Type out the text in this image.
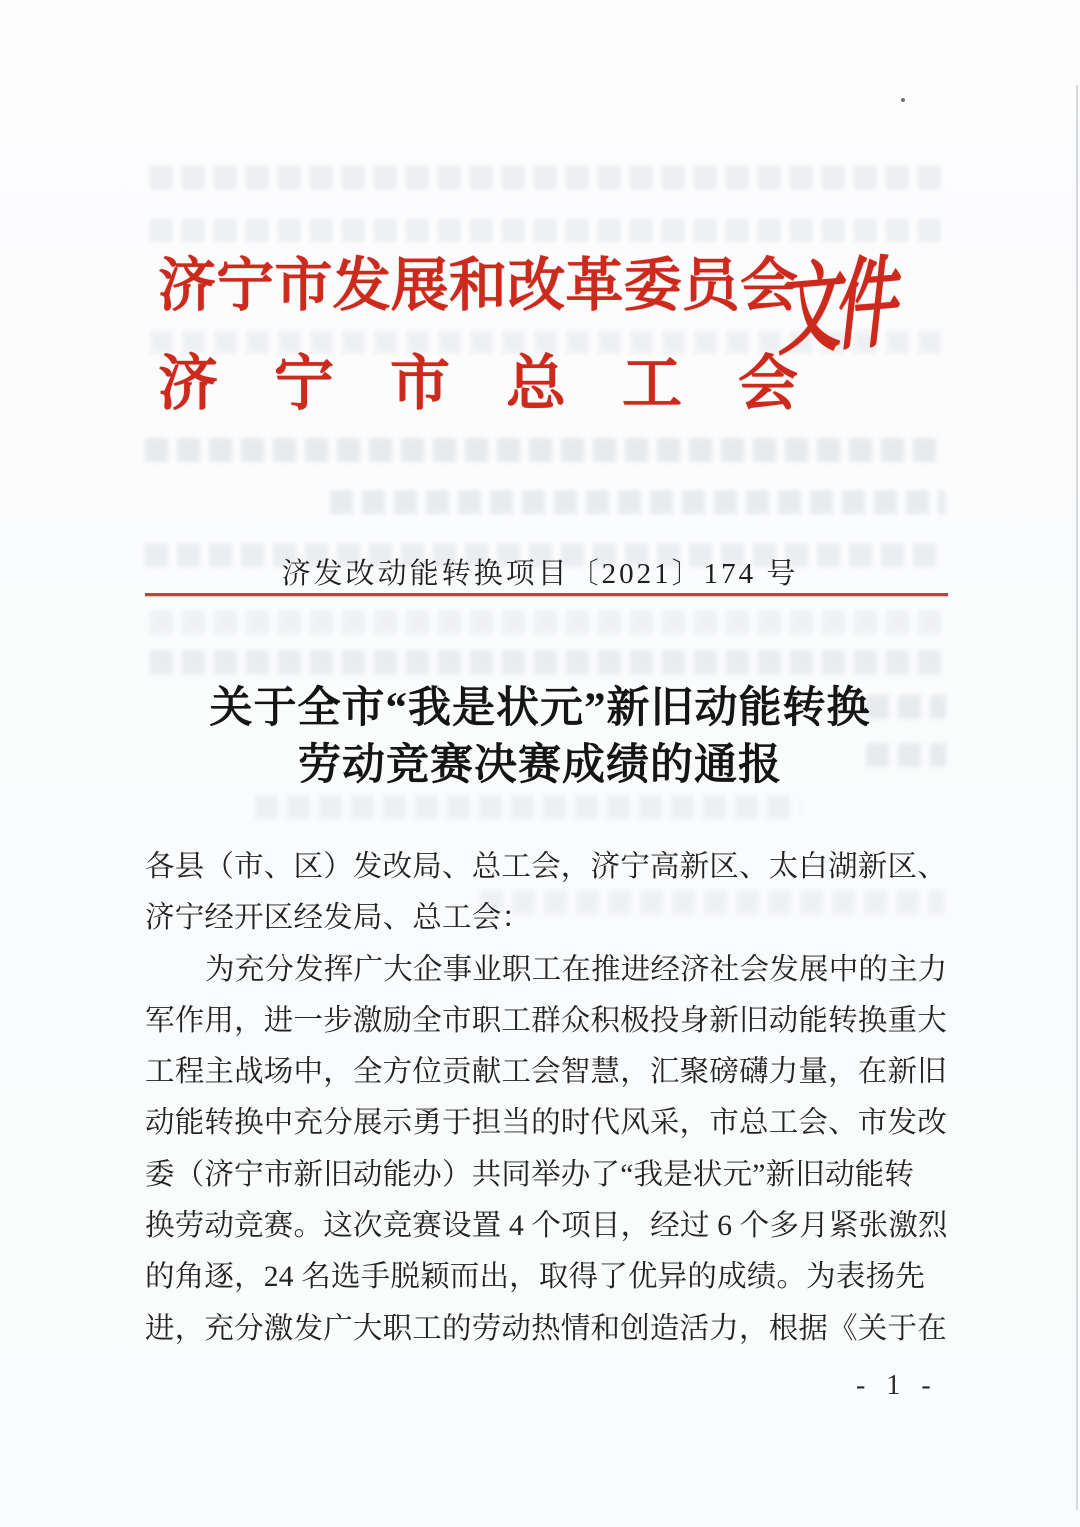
济宁市发展和改革委员会
济宁市总工会
文件
济发改动能转换项目〔2021〕174 号
关于全市“我是状元”新旧动能转换
劳动竞赛决赛成绩的通报
各县（市、区）发改局、总工会，济宁高新区、太白湖新区、
济宁经开区经发局、总工会：
为充分发挥广大企事业职工在推进经济社会发展中的主力
军作用，进一步激励全市职工群众积极投身新旧动能转换重大
工程主战场中，全方位贡献工会智慧，汇聚磅礴力量，在新旧
动能转换中充分展示勇于担当的时代风采，市总工会、市发改
委（济宁市新旧动能办）共同举办了“我是状元”新旧动能转
换劳动竞赛。这次竞赛设置 4 个项目，经过 6 个多月紧张激烈
的角逐，24 名选手脱颖而出，取得了优异的成绩。为表扬先
进，充分激发广大职工的劳动热情和创造活力，根据《关于在
- 1 -
